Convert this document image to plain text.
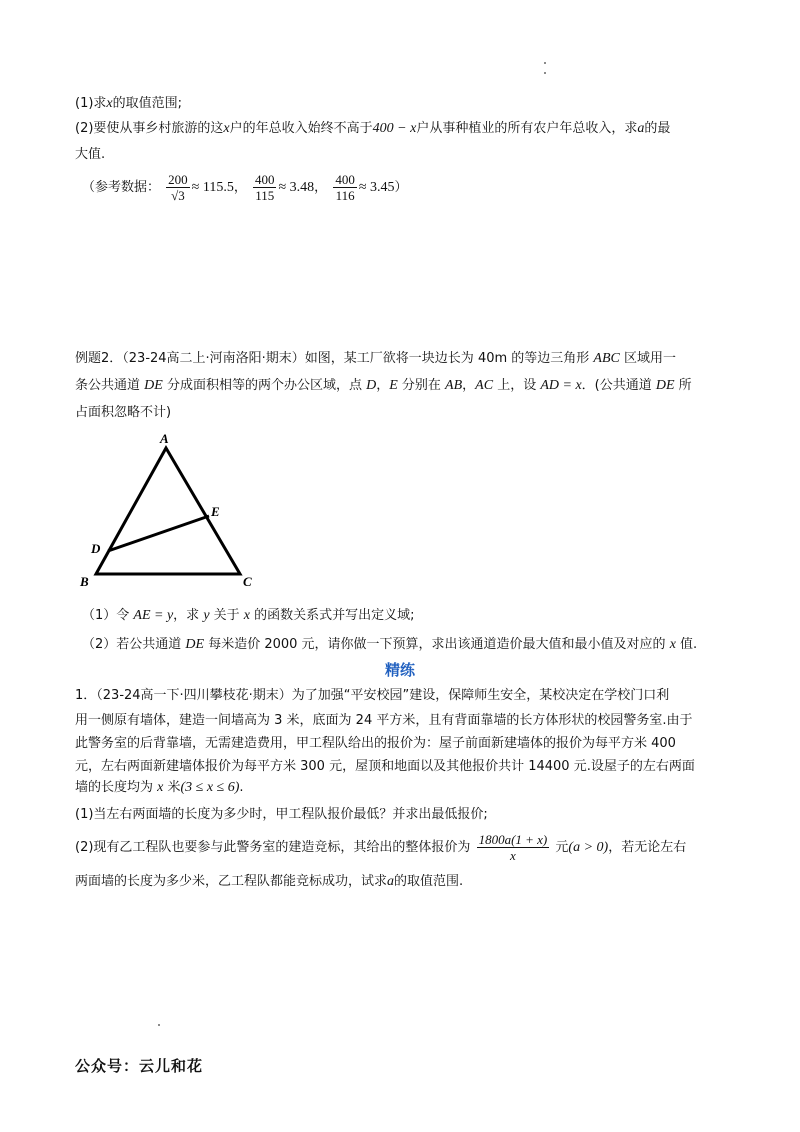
(1)求x的取值范围;
(2)要使从事乡村旅游的这x户的年总收入始终不高于400 − x户从事种植业的所有农户年总收入，求a的最
大值.
（参考数据： $\frac{200}{√3} \approx 115.5$， $\frac{400}{115} \approx 3.48$， $\frac{400}{116} \approx 3.45$）
例题2．（23-24高二上·河南洛阳·期末）如图，某工厂欲将一块边长为 40m 的等边三角形 ABC 区域用一
条公共通道 DE 分成面积相等的两个办公区域，点 D，E 分别在 AB，AC 上，设 AD = x．(公共通道 DE 所
占面积忽略不计)
A
B	C
D
E
（1）令 AE = y，求 y 关于 x 的函数关系式并写出定义域;
（2）若公共通道 DE 每米造价 2000 元，请你做一下预算，求出该通道造价最大值和最小值及对应的 x 值.
精练
1．（23-24高一下·四川攀枝花·期末）为了加强“平安校园”建设，保障师生安全，某校决定在学校门口利
用一侧原有墙体，建造一间墙高为 3 米，底面为 24 平方米，且有背面靠墙的长方体形状的校园警务室.由于
此警务室的后背靠墙，无需建造费用，甲工程队给出的报价为：屋子前面新建墙体的报价为每平方米 400
元，左右两面新建墙体报价为每平方米 300 元，屋顶和地面以及其他报价共计 14400 元.设屋子的左右两面
墙的长度均为 x 米(3 ≤ x ≤ 6).
(1)当左右两面墙的长度为多少时，甲工程队报价最低？并求出最低报价;
(2)现有乙工程队也要参与此警务室的建造竞标，其给出的整体报价为 $\frac{1800a(1 + x)}{x}$ 元(a > 0)，若无论左右
两面墙的长度为多少米，乙工程队都能竞标成功，试求a的取值范围.
公众号：云儿和花
